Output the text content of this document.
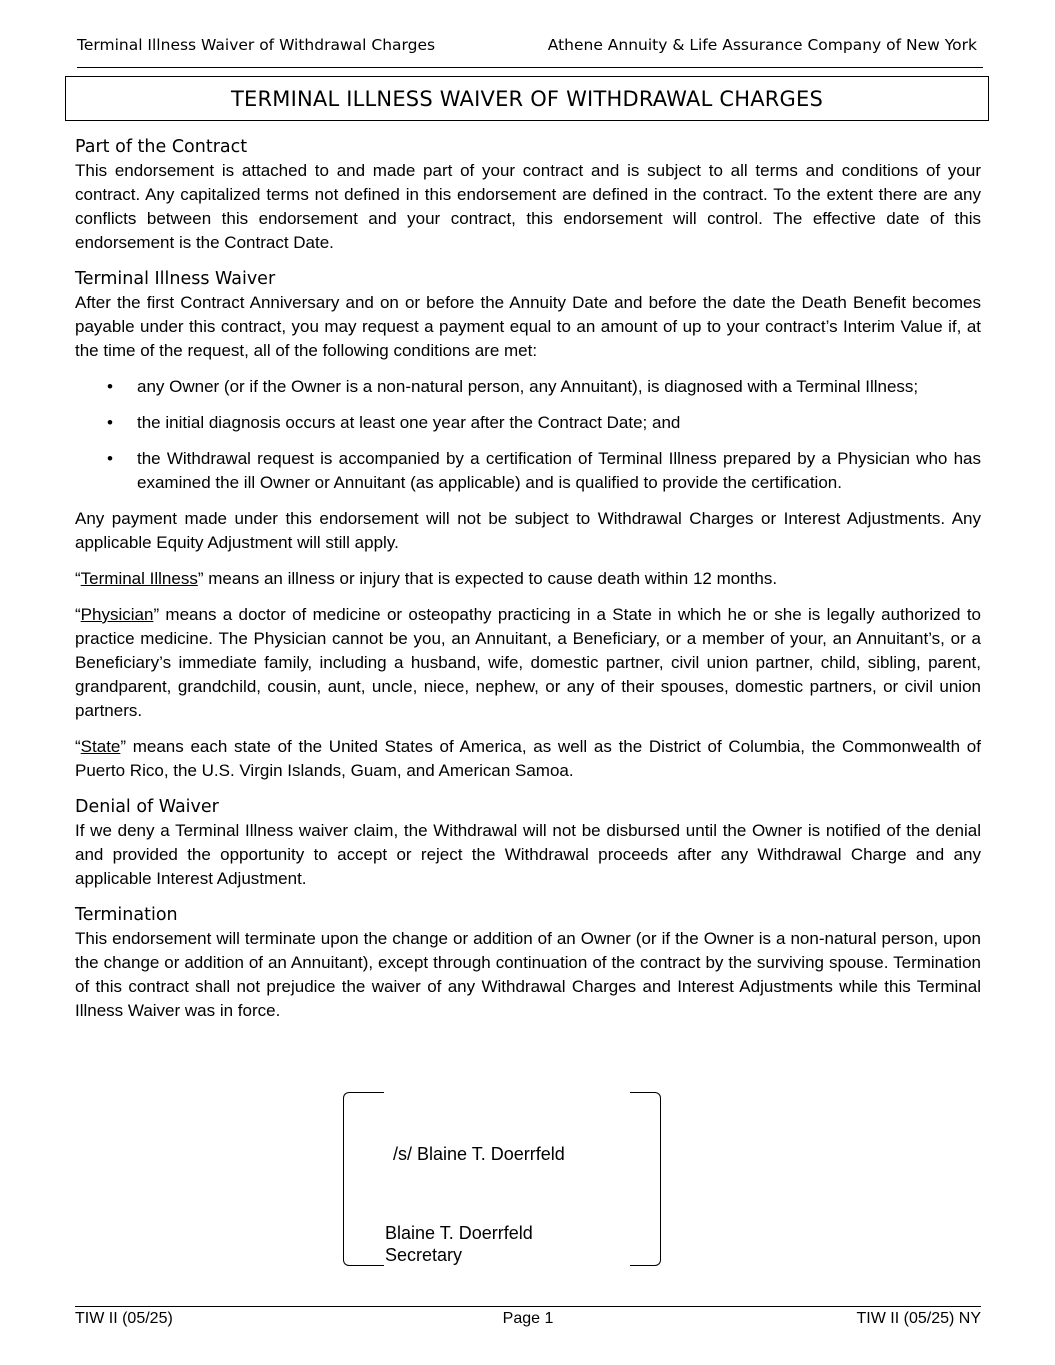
Terminal Illness Waiver of Withdrawal Charges	Athene Annuity & Life Assurance Company of New York
TERMINAL ILLNESS WAIVER OF WITHDRAWAL CHARGES
Part of the Contract

This endorsement is attached to and made part of your contract and is subject to all terms and conditions of your contract. Any capitalized terms not defined in this endorsement are defined in the contract. To the extent there are any conflicts between this endorsement and your contract, this endorsement will control. The effective date of this endorsement is the Contract Date.

Terminal Illness Waiver

After the first Contract Anniversary and on or before the Annuity Date and before the date the Death Benefit becomes payable under this contract, you may request a payment equal to an amount of up to your contract’s Interim Value if, at the time of the request, all of the following conditions are met:

• any Owner (or if the Owner is a non-natural person, any Annuitant), is diagnosed with a Terminal Illness;
• the initial diagnosis occurs at least one year after the Contract Date; and
• the Withdrawal request is accompanied by a certification of Terminal Illness prepared by a Physician who has examined the ill Owner or Annuitant (as applicable) and is qualified to provide the certification.

Any payment made under this endorsement will not be subject to Withdrawal Charges or Interest Adjustments. Any applicable Equity Adjustment will still apply.

“Terminal Illness” means an illness or injury that is expected to cause death within 12 months.

“Physician” means a doctor of medicine or osteopathy practicing in a State in which he or she is legally authorized to practice medicine. The Physician cannot be you, an Annuitant, a Beneficiary, or a member of your, an Annuitant’s, or a Beneficiary’s immediate family, including a husband, wife, domestic partner, civil union partner, child, sibling, parent, grandparent, grandchild, cousin, aunt, uncle, niece, nephew, or any of their spouses, domestic partners, or civil union partners.

“State” means each state of the United States of America, as well as the District of Columbia, the Commonwealth of Puerto Rico, the U.S. Virgin Islands, Guam, and American Samoa.

Denial of Waiver

If we deny a Terminal Illness waiver claim, the Withdrawal will not be disbursed until the Owner is notified of the denial and provided the opportunity to accept or reject the Withdrawal proceeds after any Withdrawal Charge and any applicable Interest Adjustment.

Termination

This endorsement will terminate upon the change or addition of an Owner (or if the Owner is a non-natural person, upon the change or addition of an Annuitant), except through continuation of the contract by the surviving spouse. Termination of this contract shall not prejudice the waiver of any Withdrawal Charges and Interest Adjustments while this Terminal Illness Waiver was in force.

/s/ Blaine T. Doerrfeld
Blaine T. Doerrfeld
Secretary
TIW II (05/25)	Page 1	TIW II (05/25) NY
